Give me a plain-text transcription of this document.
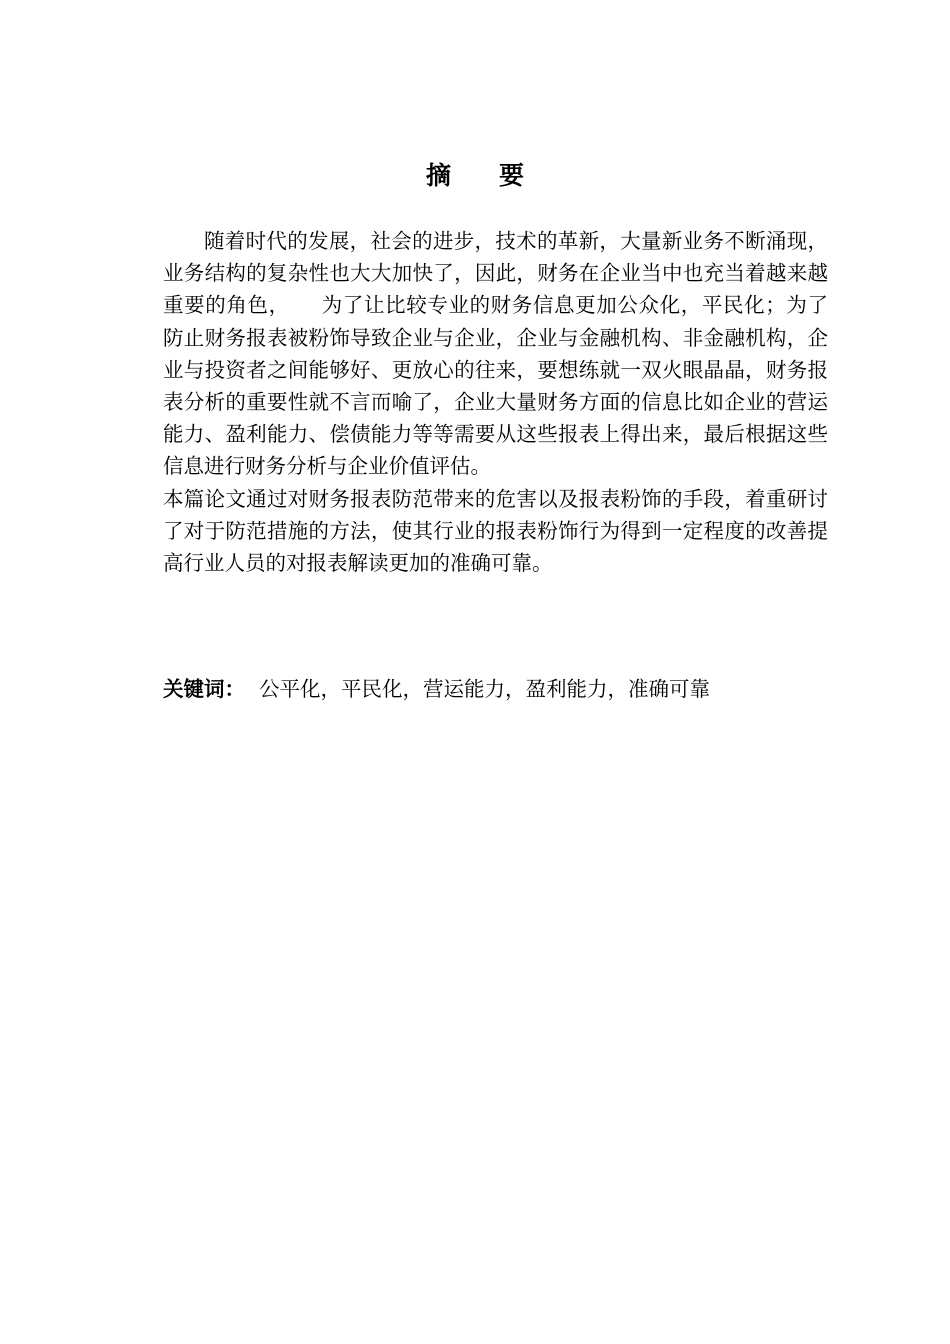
摘要

随着时代的发展，社会的进步，技术的革新，大量新业务不断涌现，业务结构的复杂性也大大加快了，因此，财务在企业当中也充当着越来越重要的角色，　　为了让比较专业的财务信息更加公众化，平民化；为了防止财务报表被粉饰导致企业与企业，企业与金融机构、非金融机构，企业与投资者之间能够好、更放心的往来，要想练就一双火眼晶晶，财务报表分析的重要性就不言而喻了，企业大量财务方面的信息比如企业的营运能力、盈利能力、偿债能力等等需要从这些报表上得出来，最后根据这些信息进行财务分析与企业价值评估。

本篇论文通过对财务报表防范带来的危害以及报表粉饰的手段，着重研讨了对于防范措施的方法，使其行业的报表粉饰行为得到一定程度的改善提高行业人员的对报表解读更加的准确可靠。

关键词： 公平化，平民化，营运能力，盈利能力，准确可靠
